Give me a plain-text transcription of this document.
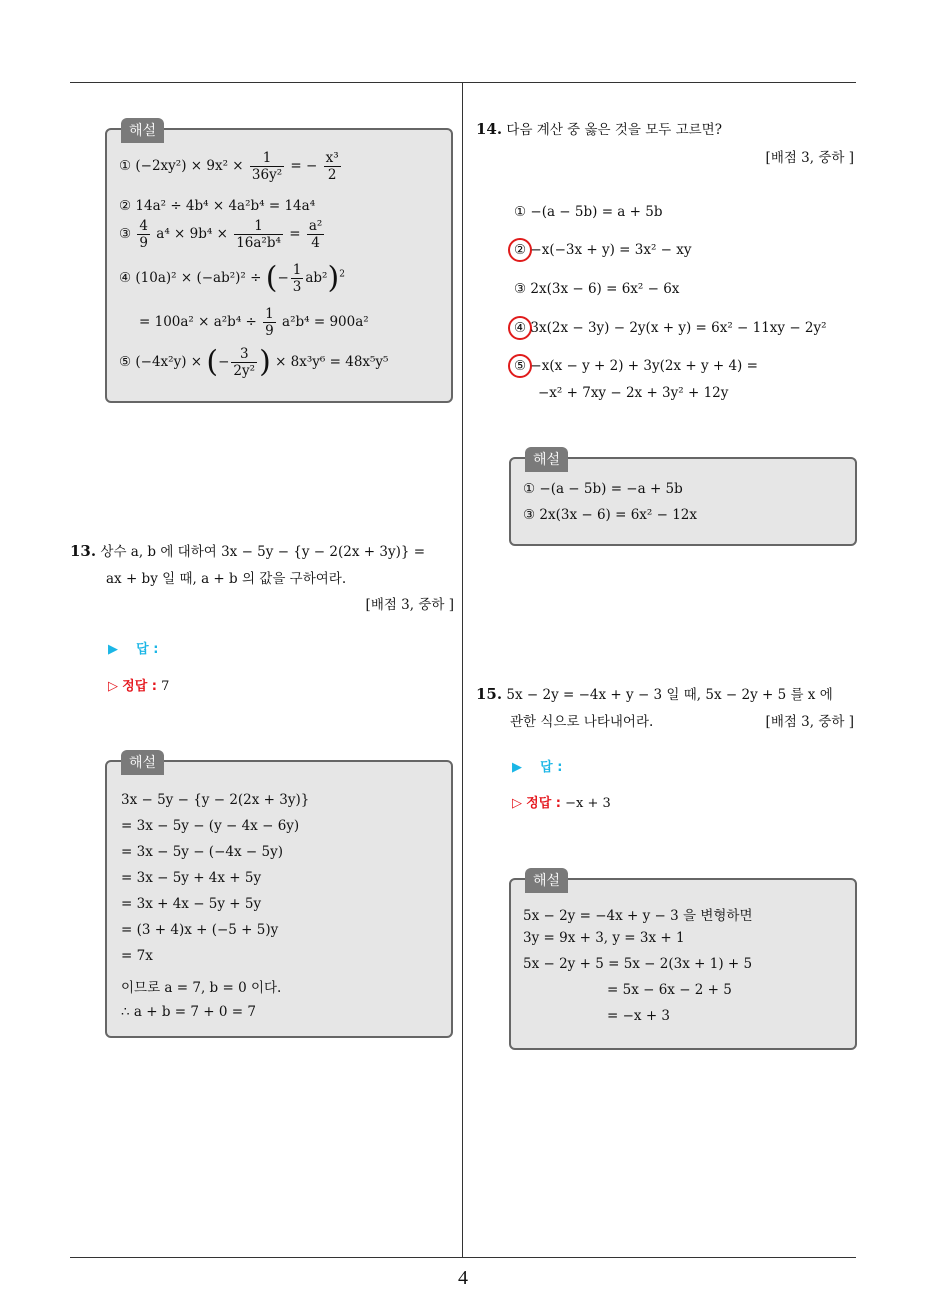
해설
① $(-2xy^2) \times 9x^2 \times \frac{1}{\text{36y²}}$ = − $\frac{\text{x³}}{2}$
② 14a² ÷ 4b⁴ × 4a²b⁴ = 14a⁴
③ $\frac{4}{9} a^4 \times 9b^4 \times \frac{1}{\text{16a²b⁴}} = \frac{\text{a²}}{4}$
④ (10a)² × (−ab²)² ÷ (− $\frac{1}{3} ab^2)^2$
= $100a^2 \times a^2b^4 \div \frac{1}{9} a^2b^4 = 900a^2$
⑤ (−4x²y) × (− $\frac{3}{\text{2y²}}$ ) × 8x³y⁶ = 48x⁵y⁵
13. 상수 a, b 에 대하여 3x − 5y − {y − 2(2x + 3y)} =
ax + by 일 때, a + b 의 값을 구하여라.
[배점 3, 중하 ]
▶ 답 :
▷ 정답 : 7
해설
3x − 5y − {y − 2(2x + 3y)}
= 3x − 5y − (y − 4x − 6y)
= 3x − 5y − (−4x − 5y)
= 3x − 5y + 4x + 5y
= 3x + 4x − 5y + 5y
= (3 + 4)x + (−5 + 5)y
= 7x
이므로 a = 7, b = 0 이다.
∴ a + b = 7 + 0 = 7
14. 다음 계산 중 옳은 것을 모두 고르면?
[배점 3, 중하 ]
① −(a − 5b) = a + 5b
② −x(−3x + y) = 3x² − xy
③ 2x(3x − 6) = 6x² − 6x
④ 3x(2x − 3y) − 2y(x + y) = 6x² − 11xy − 2y²
⑤ −x(x − y + 2) + 3y(2x + y + 4) =
−x² + 7xy − 2x + 3y² + 12y
해설
① −(a − 5b) = −a + 5b
③ 2x(3x − 6) = 6x² − 12x
15. 5x − 2y = −4x + y − 3 일 때, 5x − 2y + 5 를 x 에
관한 식으로 나타내어라.	[배점 3, 중하 ]
▶ 답 :
▷ 정답 : −x + 3
해설
5x − 2y = −4x + y − 3 을 변형하면
3y = 9x + 3, y = 3x + 1
5x − 2y + 5 = 5x − 2(3x + 1) + 5
= 5x − 6x − 2 + 5
= −x + 3
4
